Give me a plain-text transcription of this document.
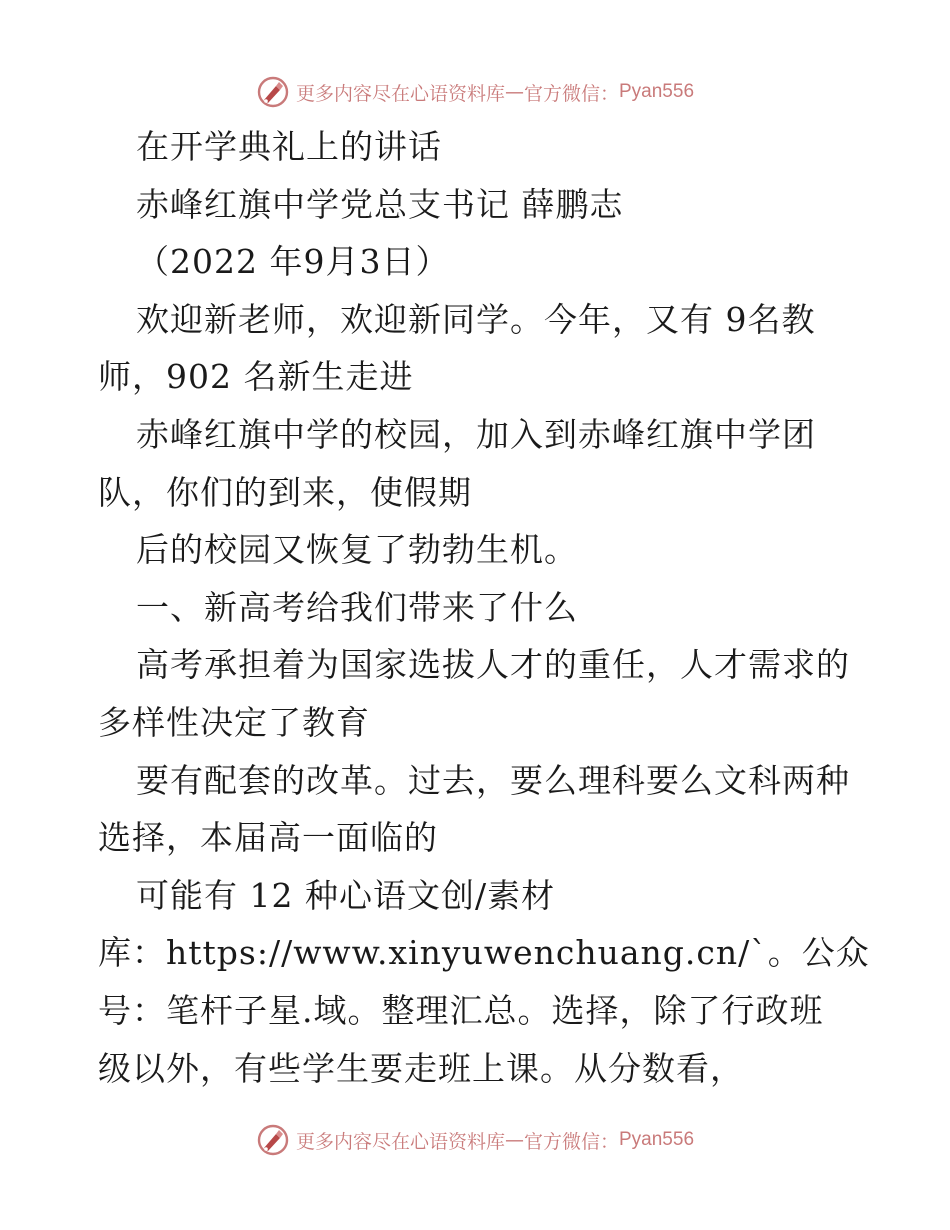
更多内容尽在心语资料库 — 官方微信： Pyan556
在开学典礼上的讲话
赤峰红旗中学党总支书记 薛鹏志
（2022 年9月3日）
欢迎新老师，欢迎新同学。今年，又有 9名教
师，902 名新生走进
赤峰红旗中学的校园，加入到赤峰红旗中学团
队，你们的到来，使假期
后的校园又恢复了勃勃生机。
一、新高考给我们带来了什么
高考承担着为国家选拔人才的重任，人才需求的
多样性决定了教育
要有配套的改革。过去，要么理科要么文科两种
选择，本届高一面临的
可能有 12 种心语文创/素材
库：https://www.xinyuwenchuang.cn/`。公众
号：笔杆子星.域。整理汇总。选择，除了行政班
级以外，有些学生要走班上课。从分数看，
更多内容尽在心语资料库 — 官方微信： Pyan556
